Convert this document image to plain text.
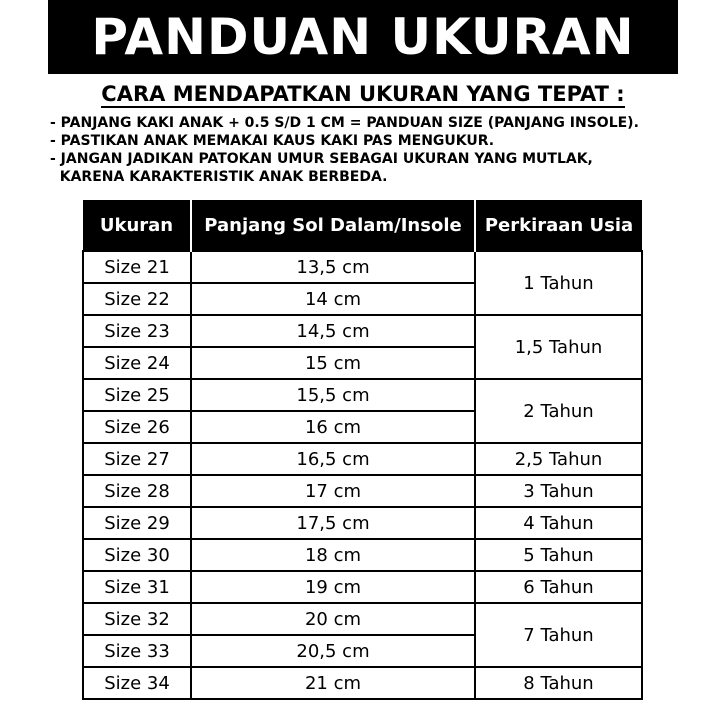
PANDUAN UKURAN
CARA MENDAPATKAN UKURAN YANG TEPAT :
- PANJANG KAKI ANAK + 0.5 S/D 1 CM = PANDUAN SIZE (PANJANG INSOLE).
- PASTIKAN ANAK MEMAKAI KAUS KAKI PAS MENGUKUR.
- JANGAN JADIKAN PATOKAN UMUR SEBAGAI UKURAN YANG MUTLAK,
KARENA KARAKTERISTIK ANAK BERBEDA.
Ukuran	Panjang Sol Dalam/Insole	Perkiraan Usia
Size 21	13,5 cm	1 Tahun
Size 22	14 cm	
Size 23	14,5 cm	1,5 Tahun
Size 24	15 cm	
Size 25	15,5 cm	2 Tahun
Size 26	16 cm	
Size 27	16,5 cm	2,5 Tahun
Size 28	17 cm	3 Tahun
Size 29	17,5 cm	4 Tahun
Size 30	18 cm	5 Tahun
Size 31	19 cm	6 Tahun
Size 32	20 cm	7 Tahun
Size 33	20,5 cm	
Size 34	21 cm	8 Tahun
